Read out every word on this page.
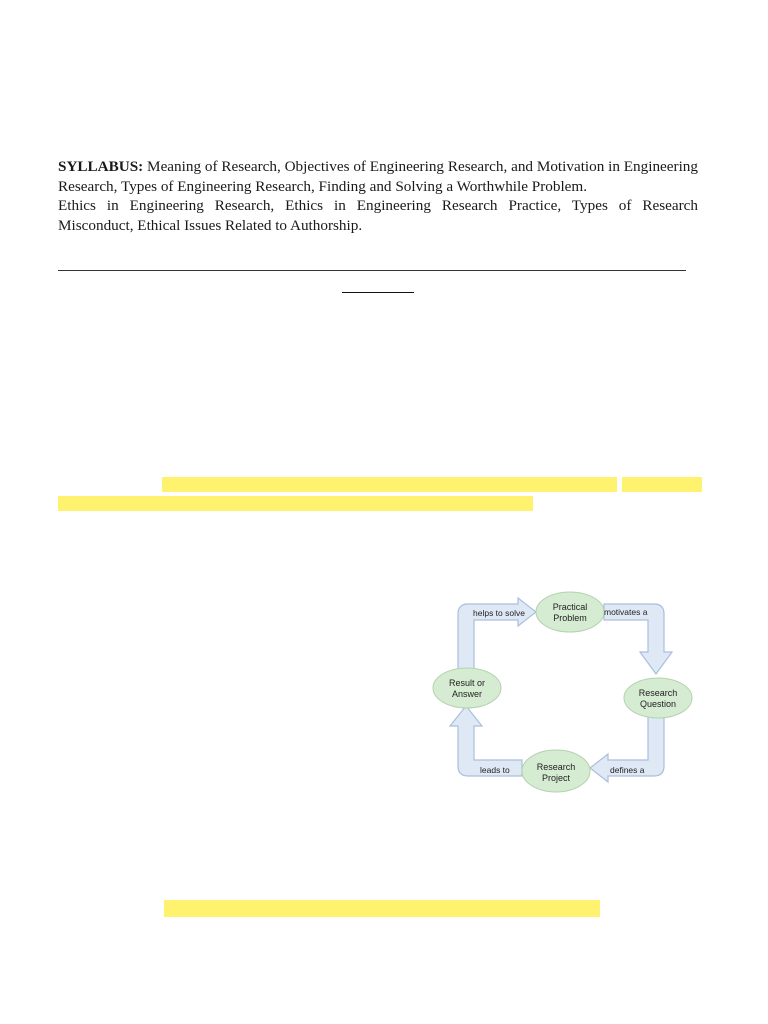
SYLLABUS: Meaning of Research, Objectives of Engineering Research, and Motivation in Engineering Research, Types of Engineering Research, Finding and Solving a Worthwhile Problem.

Ethics in Engineering Research, Ethics in Engineering Research Practice, Types of Research Misconduct, Ethical Issues Related to Authorship.

helps to solve	motivates a
defines a
leads to
Practical
Problem
Research
Question
Research
Project
Result or
Answer
